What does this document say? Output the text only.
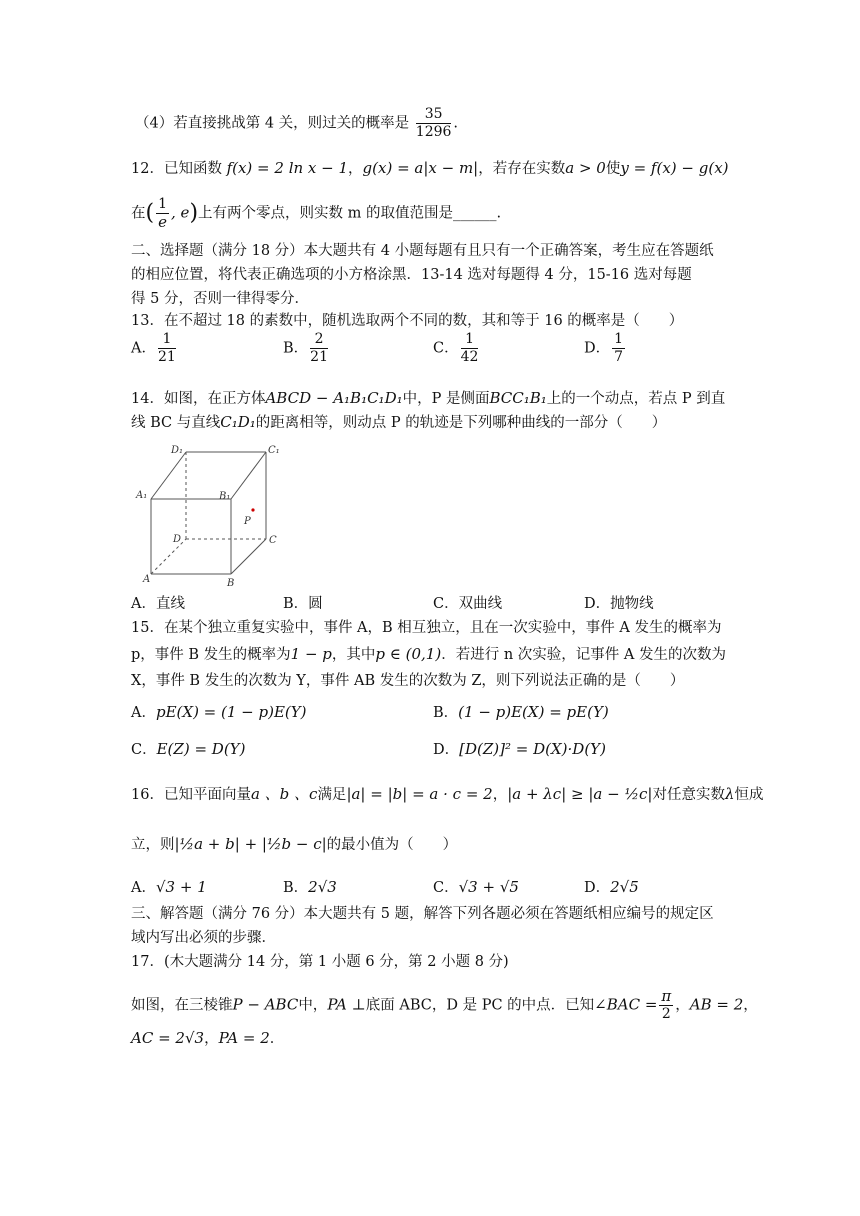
（4）若直接挑战第 4 关，则过关的概率是 $\frac{35}{1296}$ .
12．已知函数 f(x) = 2 ln x − 1，g(x) = a|x − m|，若存在实数a > 0使y = f(x) − g(x)
在( $\frac{1}{e}$ , e)上有两个零点，则实数 m 的取值范围是______.
二、选择题（满分 18 分）本大题共有 4 小题每题有且只有一个正确答案，考生应在答题纸
的相应位置，将代表正确选项的小方格涂黑．13-14 选对每题得 4 分，15-16 选对每题
得 5 分，否则一律得零分．
13．在不超过 18 的素数中，随机选取两个不同的数，其和等于 16 的概率是（　　）
A． $\frac{1}{21}$	B． $\frac{2}{21}$	C． $\frac{1}{42}$	D． $\frac{1}{7}$
14．如图，在正方体ABCD − A₁B₁C₁D₁中，P 是侧面BCC₁B₁上的一个动点，若点 P 到直
线 BC 与直线C₁D₁的距离相等，则动点 P 的轨迹是下列哪种曲线的一部分（　　）
D₁	C₁
A₁	B₁
P
D	C
A	B
A．直线	B．圆	C．双曲线	D．抛物线
15．在某个独立重复实验中，事件 A，B 相互独立，且在一次实验中，事件 A 发生的概率为
p，事件 B 发生的概率为1 − p，其中p ∈ (0,1)．若进行 n 次实验，记事件 A 发生的次数为
X，事件 B 发生的次数为 Y，事件 AB 发生的次数为 Z，则下列说法正确的是（　　）
A．pE(X) = (1 − p)E(Y)	B．(1 − p)E(X) = pE(Y)
C．E(Z) = D(Y)	D．[D(Z)]² = D(X)·D(Y)
16．已知平面向量a 、b 、c满足|a| = |b| = a · c = 2，|a + λc| ≥ |a − ½c|对任意实数λ恒成
立，则|½a + b| + |½b − c|的最小值为（　　）
A．√3 + 1	B．2√3	C．√3 + √5	D．2√5
三、解答题（满分 76 分）本大题共有 5 题，解答下列各题必须在答题纸相应编号的规定区
域内写出必须的步骤．
17．(木大题满分 14 分，第 1 小题 6 分，第 2 小题 8 分)
如图，在三棱锥P − ABC中，PA ⊥底面 ABC，D 是 PC 的中点．已知∠BAC = $\frac{\pi}{2}$ ，AB = 2，
AC = 2√3，PA = 2．
